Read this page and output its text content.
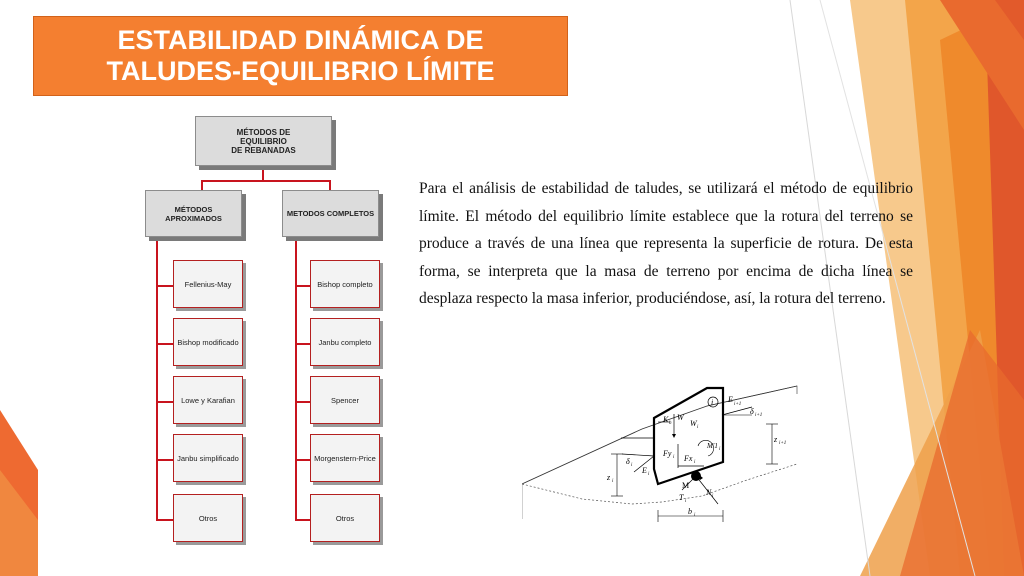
ESTABILIDAD DINÁMICA DE
TALUDES-EQUILIBRIO LÍMITE
MÉTODOS DE
EQUILIBRIO
DE REBANADAS
MÉTODOS APROXIMADOS	METODOS COMPLETOS
Fellenius-May
Bishop modificado
Lowe y Karafian
Janbu simplificado
Otros
Bishop completo
Janbu completo
Spencer
Morgenstern-Price
Otros
Para el análisis de estabilidad de taludes, se utilizará el método de equilibrio límite. El método del equilibrio límite establece que la rotura del terreno se produce a través de una línea que representa la superficie de rotura. De esta forma, se interpreta que la masa de terreno por encima de dicha línea se desplaza respecto la masa inferior, produciéndose, así, la rotura del terreno.
i E
i+1
δ i+1
z i+1
K h
W
W i
M'1 i
Fy i Fx i
δ i
E i
z i	M
T i
N i
b i
